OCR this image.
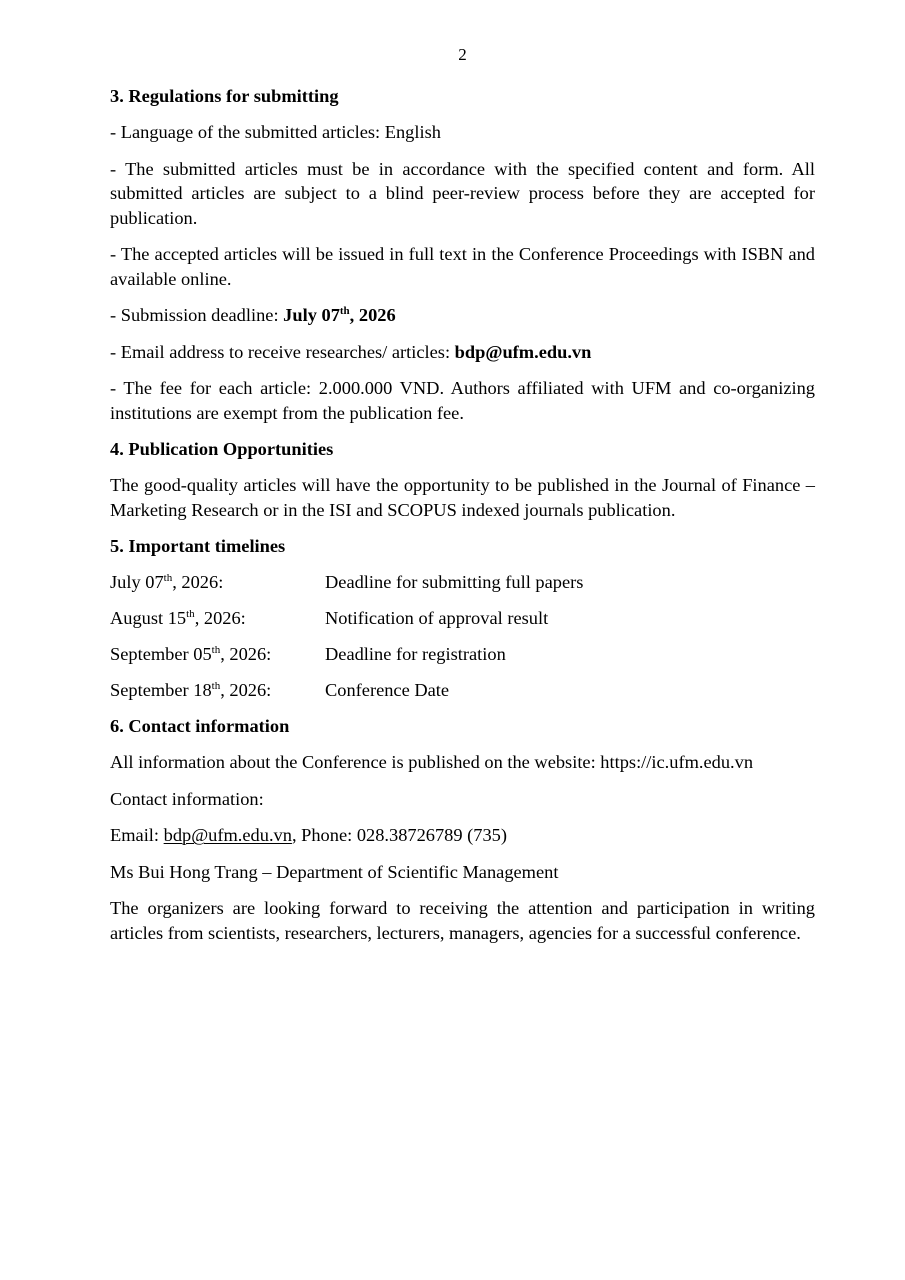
2

3. Regulations for submitting

- Language of the submitted articles: English

- The submitted articles must be in accordance with the specified content and form. All submitted articles are subject to a blind peer-review process before they are accepted for publication.

- The accepted articles will be issued in full text in the Conference Proceedings with ISBN and available online.

- Submission deadline: July 07th, 2026

- Email address to receive researches/ articles: bdp@ufm.edu.vn

- The fee for each article: 2.000.000 VND. Authors affiliated with UFM and co-organizing institutions are exempt from the publication fee.

4. Publication Opportunities

The good-quality articles will have the opportunity to be published in the Journal of Finance – Marketing Research or in the ISI and SCOPUS indexed journals publication.

5. Important timelines

July 07th, 2026:	Deadline for submitting full papers
August 15th, 2026:	Notification of approval result
September 05th, 2026:	Deadline for registration
September 18th, 2026:	Conference Date

6. Contact information

All information about the Conference is published on the website: https://ic.ufm.edu.vn

Contact information:

Email: bdp@ufm.edu.vn, Phone: 028.38726789 (735)

Ms Bui Hong Trang – Department of Scientific Management

The organizers are looking forward to receiving the attention and participation in writing articles from scientists, researchers, lecturers, managers, agencies for a successful conference.
